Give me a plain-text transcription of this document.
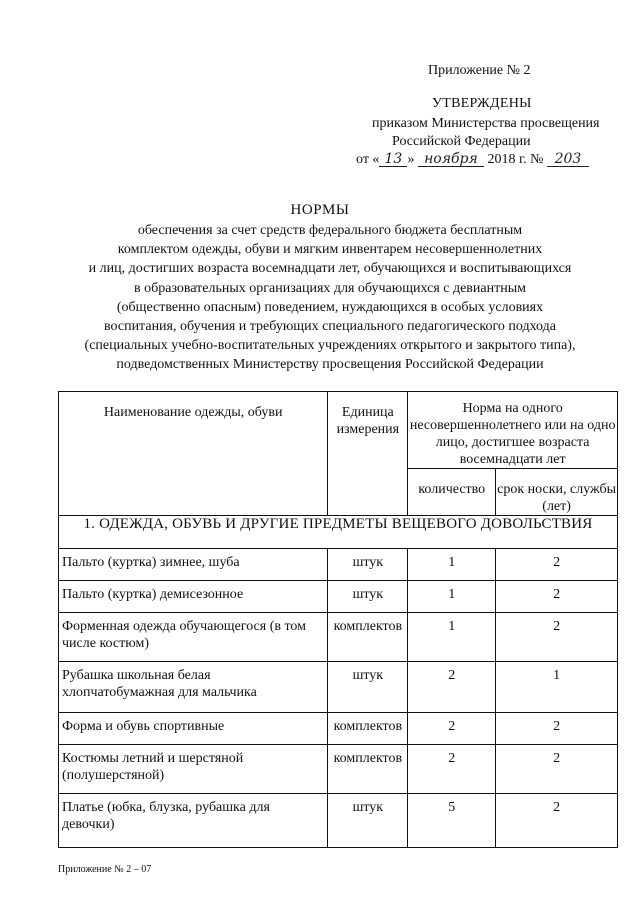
Приложение № 2
УТВЕРЖДЕНЫ
приказом Министерства просвещения
Российской Федерации
от « 13 » ноября 2018 г. № 203
НОРМЫ
обеспечения за счет средств федерального бюджета бесплатным
комплектом одежды, обуви и мягким инвентарем несовершеннолетних
и лиц, достигших возраста восемнадцати лет, обучающихся и воспитывающихся
в образовательных организациях для обучающихся с девиантным
(общественно опасным) поведением, нуждающихся в особых условиях
воспитания, обучения и требующих специального педагогического подхода
(специальных учебно-воспитательных учреждениях открытого и закрытого типа),
подведомственных Министерству просвещения Российской Федерации
Наименование одежды, обуви	Единица измерения	Норма на одного несовершеннолетнего или на одно лицо, достигшее возраста восемнадцати лет	
		количество	срок носки, службы (лет)
1. ОДЕЖДА, ОБУВЬ И ДРУГИЕ ПРЕДМЕТЫ ВЕЩЕВОГО ДОВОЛЬСТВИЯ			
Пальто (куртка) зимнее, шуба	штук	1	2
Пальто (куртка) демисезонное	штук	1	2
Форменная одежда обучающегося (в том числе костюм)	комплектов	1	2
Рубашка школьная белая хлопчатобумажная для мальчика	штук	2	1
Форма и обувь спортивные	комплектов	2	2
Костюмы летний и шерстяной (полушерстяной)	комплектов	2	2
Платье (юбка, блузка, рубашка для девочки)	штук	5	2
Приложение № 2 – 07
